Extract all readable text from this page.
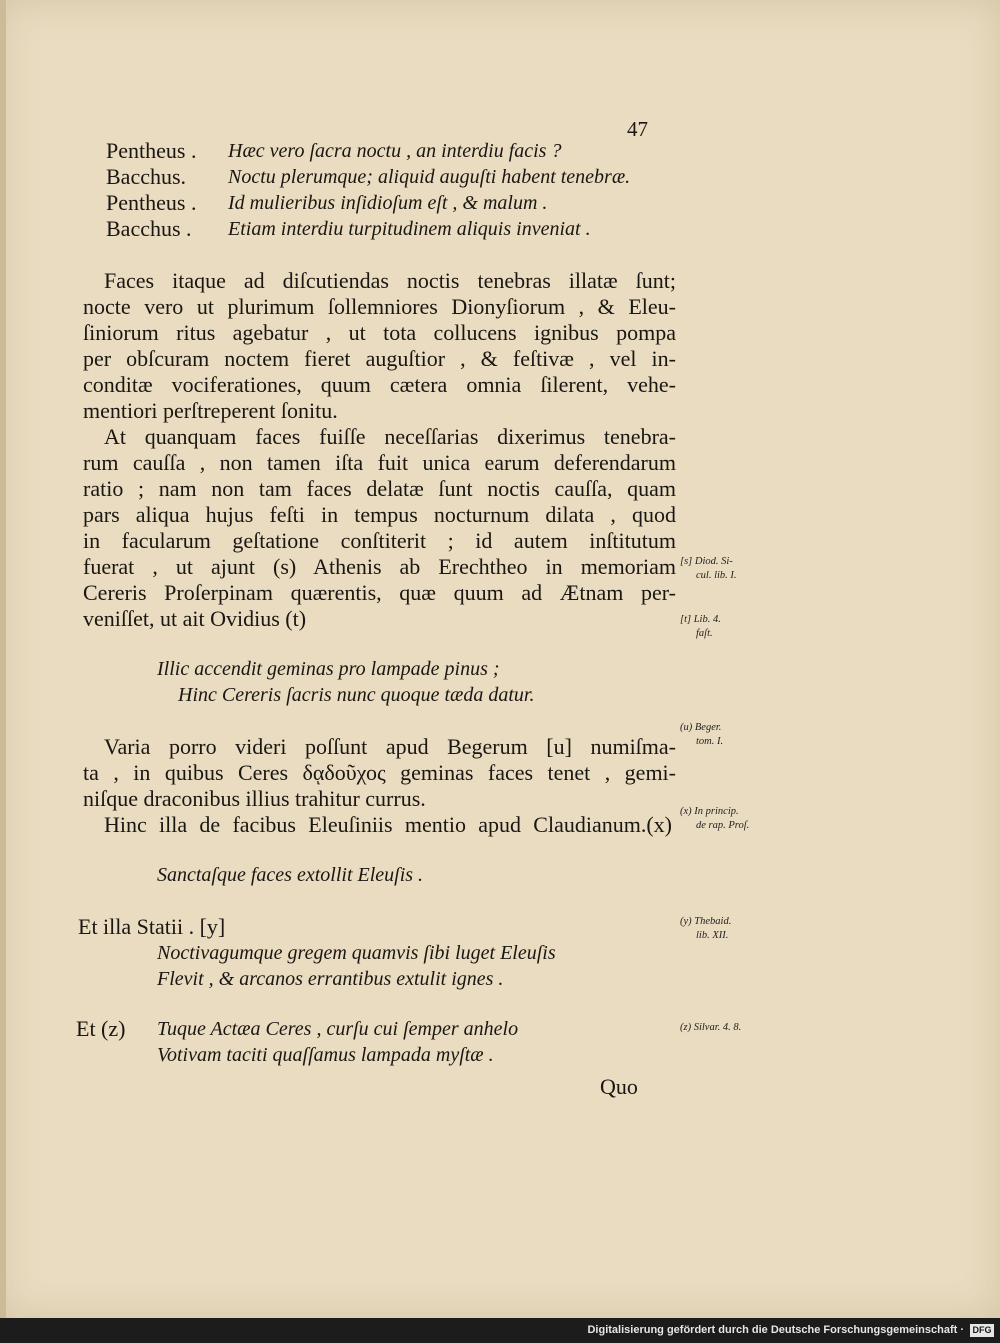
47
Pentheus . Hæc vero ſacra noctu , an interdiu facis ?
Bacchus. Noctu plerumque; aliquid auguſti habent tenebræ.
Pentheus . Id mulieribus inſidioſum eſt , & malum .
Bacchus . Etiam interdiu turpitudinem aliquis inveniat .
Faces itaque ad diſcutiendas noctis tenebras illatæ ſunt;
nocte vero ut plurimum ſollemniores Dionyſiorum , & Eleu-
ſiniorum ritus agebatur , ut tota collucens ignibus pompa
per obſcuram noctem fieret auguſtior , & feſtivæ , vel in-
conditæ vociferationes, quum cætera omnia ſilerent, vehe-
mentiori perſtreperent ſonitu.
At quanquam faces fuiſſe neceſſarias dixerimus tenebra-
rum cauſſa , non tamen iſta fuit unica earum deferendarum
ratio ; nam non tam faces delatæ ſunt noctis cauſſa, quam
pars aliqua hujus feſti in tempus nocturnum dilata , quod
in facularum geſtatione conſtiterit ; id autem inſtitutum
fuerat , ut ajunt (s) Athenis ab Erechtheo in memoriam
Cereris Proſerpinam quærentis, quæ quum ad Ætnam per-
veniſſet, ut ait Ovidius (t)
Illic accendit geminas pro lampade pinus ;
Hinc Cereris ſacris nunc quoque tæda datur.
Varia porro videri poſſunt apud Begerum [u] numiſma-
ta , in quibus Ceres δᾳδοῦχος geminas faces tenet , gemi-
niſque draconibus illius trahitur currus.
Hinc illa de facibus Eleuſiniis mentio apud Claudianum.(x)
Sanctaſque faces extollit Eleuſis .
Et illa Statii . [y]
Noctivagumque gregem quamvis ſibi luget Eleuſis
Flevit , & arcanos errantibus extulit ignes .
Et (z) Tuque Actæa Ceres , curſu cui ſemper anhelo
Votivam taciti quaſſamus lampada myſtæ .
Quo
[s] Diod. Si-
cul. lib. I.
[t] Lib. 4.
faſt.
(u) Beger.
tom. I.
(x) In princip.
de rap. Proſ.
(y) Thebaid.
lib. XII.
(z) Silvar. 4. 8.
Digitalisierung gefördert durch die Deutsche Forschungsgemeinschaft · DFG
